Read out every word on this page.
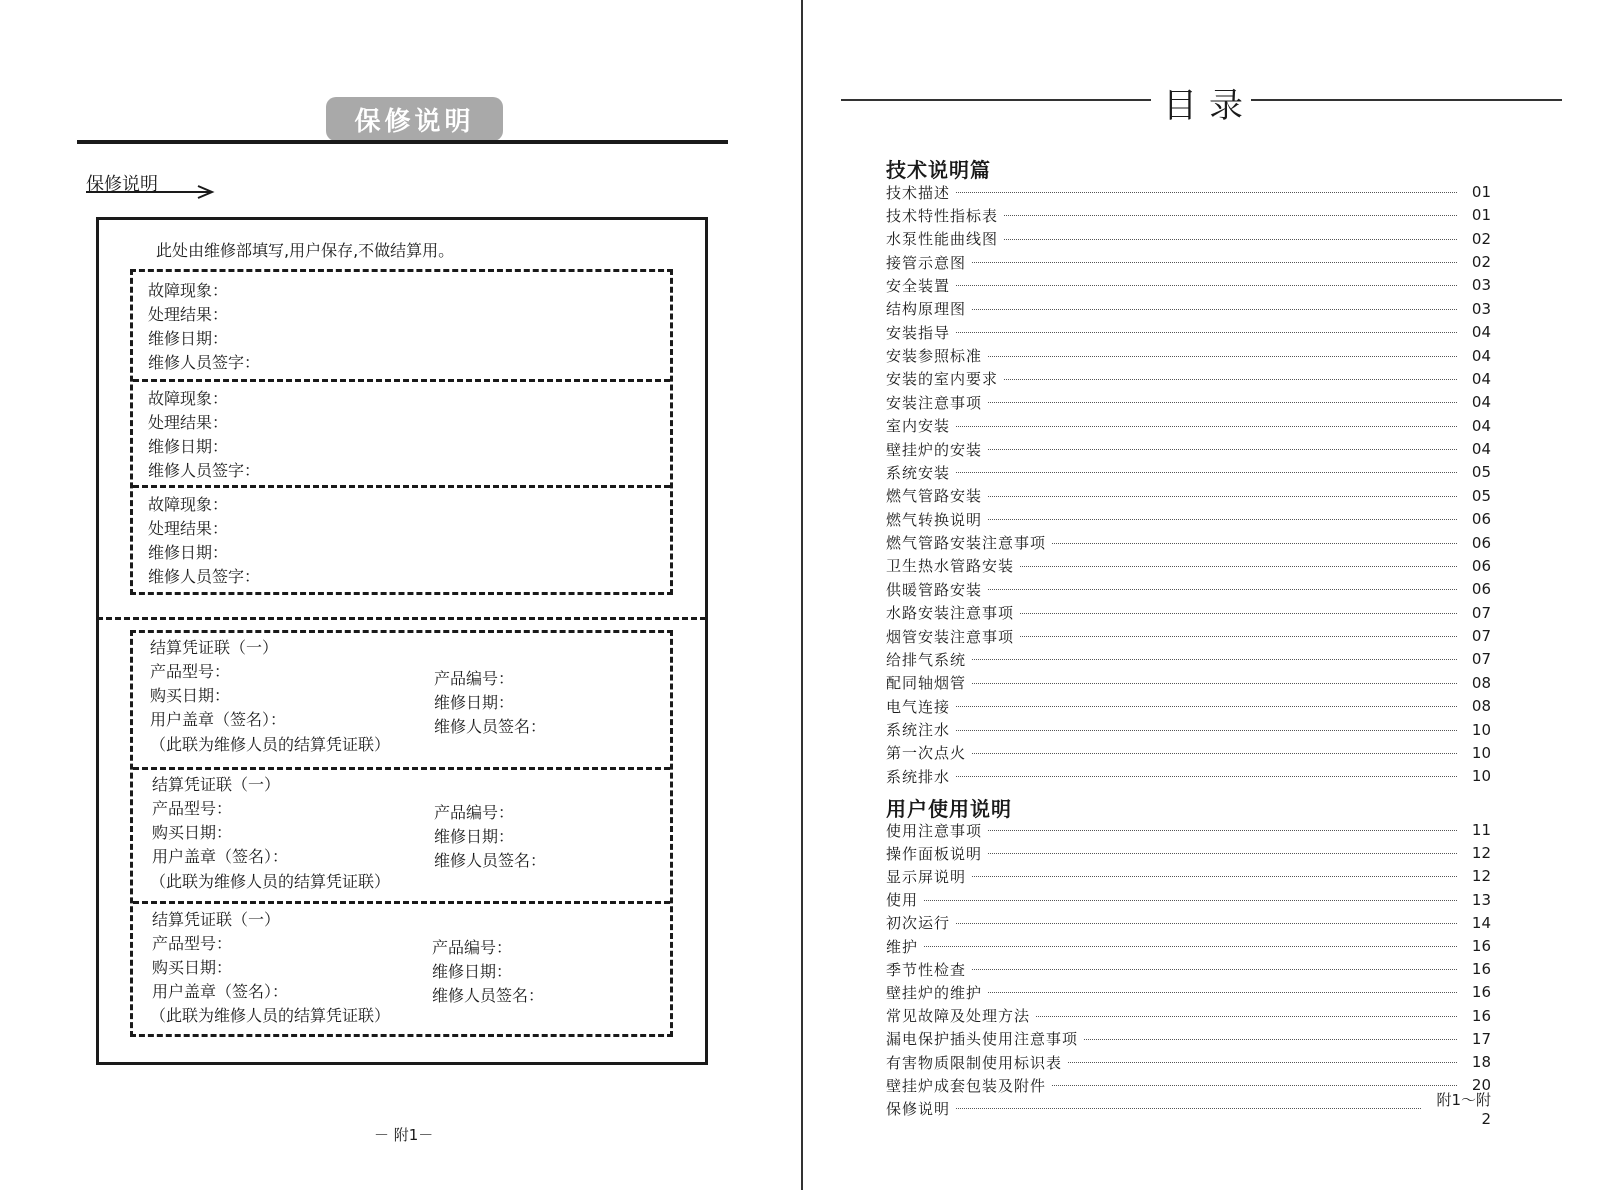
保修说明
保修说明
此处由维修部填写,用户保存,不做结算用。
故障现象：
处理结果：
维修日期：
维修人员签字：
故障现象：
处理结果：
维修日期：
维修人员签字：
故障现象：
处理结果：
维修日期：
维修人员签字：
结算凭证联（一）
产品型号：
购买日期：
用户盖章（签名）：
（此联为维修人员的结算凭证联）
产品编号：
维修日期：
维修人员签名：
结算凭证联（一）
产品型号：
购买日期：
用户盖章（签名）：
（此联为维修人员的结算凭证联）
产品编号：
维修日期：
维修人员签名：
结算凭证联（一）
产品型号：
购买日期：
用户盖章（签名）：
（此联为维修人员的结算凭证联）
产品编号：
维修日期：
维修人员签名：
－ 附1－
目录
技术说明篇
技术描述	01
技术特性指标表	01
水泵性能曲线图	02
接管示意图	02
安全装置	03
结构原理图	03
安装指导	04
安装参照标准	04
安装的室内要求	04
安装注意事项	04
室内安装	04
壁挂炉的安装	04
系统安装	05
燃气管路安装	05
燃气转换说明	06
燃气管路安装注意事项	06
卫生热水管路安装	06
供暖管路安装	06
水路安装注意事项	07
烟管安装注意事项	07
给排气系统	07
配同轴烟管	08
电气连接	08
系统注水	10
第一次点火	10
系统排水	10
用户使用说明
使用注意事项	11
操作面板说明	12
显示屏说明	12
使用	13
初次运行	14
维护	16
季节性检查	16
壁挂炉的维护	16
常见故障及处理方法	16
漏电保护插头使用注意事项	17
有害物质限制使用标识表	18
壁挂炉成套包装及附件	20
保修说明	附1～附2
